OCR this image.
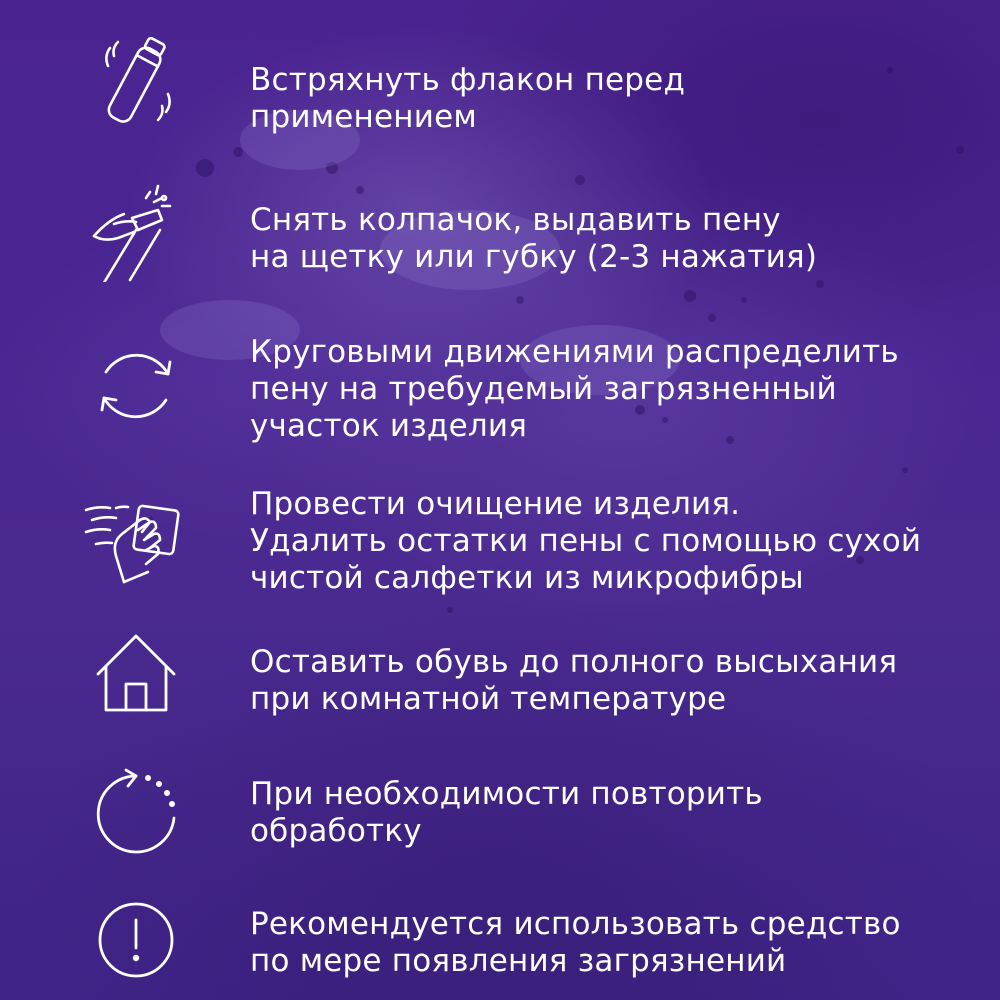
Встряхнуть флакон перед
применением

Снять колпачок, выдавить пену
на щетку или губку (2-3 нажатия)

Круговыми движениями распределить
пену на требудемый загрязненный
участок изделия

Провести очищение изделия.
Удалить остатки пены с помощью сухой
чистой салфетки из микрофибры

Оставить обувь до полного высыхания
при комнатной температуре

При необходимости повторить
обработку

Рекомендуется использовать средство
по мере появления загрязнений
